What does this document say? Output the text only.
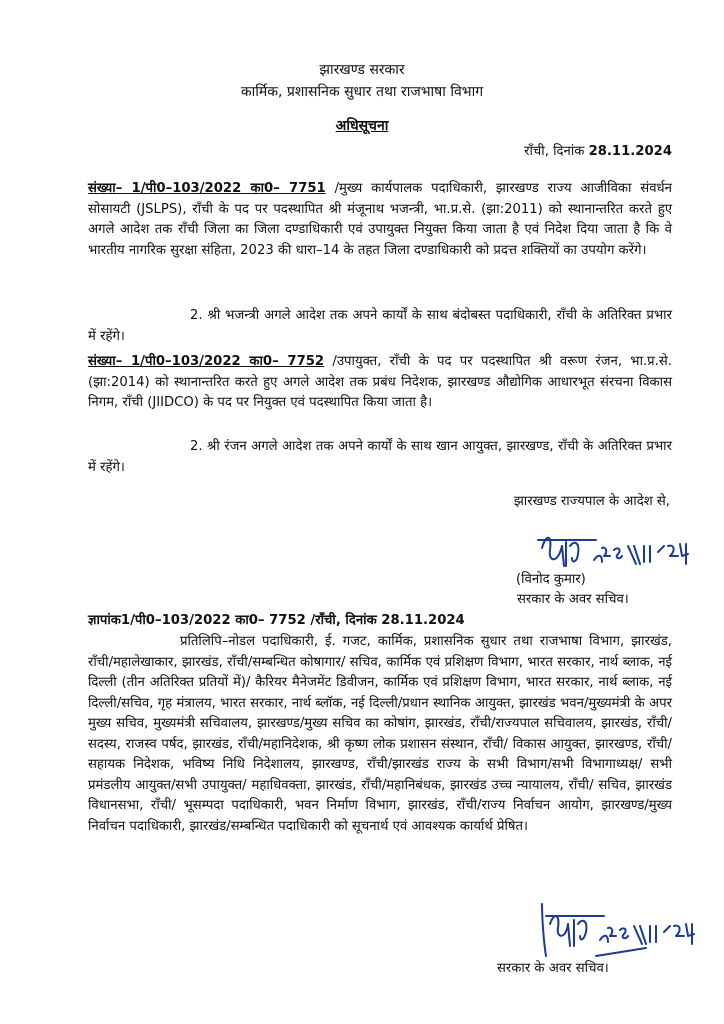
झारखण्ड सरकार
कार्मिक, प्रशासनिक सुधार तथा राजभाषा विभाग
अधिसूचना
राँची, दिनांक 28.11.2024
संख्या– 1/पी0–103/2022 का0– 7751 /मुख्य कार्यपालक पदाधिकारी, झारखण्ड राज्य आजीविका संवर्धन सोसायटी (JSLPS), राँची के पद पर पदस्थापित श्री मंजूनाथ भजन्त्री, भा.प्र.से. (झा:2011) को स्थानान्तरित करते हुए अगले आदेश तक राँची जिला का जिला दण्डाधिकारी एवं उपायुक्त नियुक्त किया जाता है एवं निदेश दिया जाता है कि वे भारतीय नागरिक सुरक्षा संहिता, 2023 की धारा–14 के तहत जिला दण्डाधिकारी को प्रदत्त शक्तियों का उपयोग करेंगे।
2. श्री भजन्त्री अगले आदेश तक अपने कार्यों के साथ बंदोबस्त पदाधिकारी, राँची के अतिरिक्त प्रभार में रहेंगे।
संख्या– 1/पी0–103/2022 का0– 7752 /उपायुक्त, राँची के पद पर पदस्थापित श्री वरूण रंजन, भा.प्र.से. (झा:2014) को स्थानान्तरित करते हुए अगले आदेश तक प्रबंध निदेशक, झारखण्ड औद्योगिक आधारभूत संरचना विकास निगम, राँची (JIIDCO) के पद पर नियुक्त एवं पदस्थापित किया जाता है।
2. श्री रंजन अगले आदेश तक अपने कार्यों के साथ खान आयुक्त, झारखण्ड, राँची के अतिरिक्त प्रभार में रहेंगे।
झारखण्ड राज्यपाल के आदेश से,
(विनोद कुमार)
सरकार के अवर सचिव।
ज्ञापांक1/पी0–103/2022 का0– 7752 /राँची, दिनांक 28.11.2024
प्रतिलिपि–नोडल पदाधिकारी, ई. गजट, कार्मिक, प्रशासनिक सुधार तथा राजभाषा विभाग, झारखंड, राँची/महालेखाकार, झारखंड, राँची/सम्बन्धित कोषागार/ सचिव, कार्मिक एवं प्रशिक्षण विभाग, भारत सरकार, नार्थ ब्लाक, नई दिल्ली (तीन अतिरिक्त प्रतियों में)/ कैरियर मैनेजमेंट डिवीजन, कार्मिक एवं प्रशिक्षण विभाग, भारत सरकार, नार्थ ब्लाक, नई दिल्ली/सचिव, गृह मंत्रालय, भारत सरकार, नार्थ ब्लॉक, नई दिल्ली/प्रधान स्थानिक आयुक्त, झारखंड भवन/मुख्यमंत्री के अपर मुख्य सचिव, मुख्यमंत्री सचिवालय, झारखण्ड/मुख्य सचिव का कोषांग, झारखंड, राँची/राज्यपाल सचिवालय, झारखंड, राँची/सदस्य, राजस्व पर्षद, झारखंड, राँची/महानिदेशक, श्री कृष्ण लोक प्रशासन संस्थान, राँची/ विकास आयुक्त, झारखण्ड, राँची/सहायक निदेशक, भविष्य निधि निदेशालय, झारखण्ड, राँची/झारखंड राज्य के सभी विभाग/सभी विभागाध्यक्ष/ सभी प्रमंडलीय आयुक्त/सभी उपायुक्त/ महाधिवक्ता, झारखंड, राँची/महानिबंधक, झारखंड उच्च न्यायालय, राँची/ सचिव, झारखंड विधानसभा, राँची/ भूसम्पदा पदाधिकारी, भवन निर्माण विभाग, झारखंड, राँची/राज्य निर्वाचन आयोग, झारखण्ड/मुख्य निर्वाचन पदाधिकारी, झारखंड/सम्बन्धित पदाधिकारी को सूचनार्थ एवं आवश्यक कार्यार्थ प्रेषित।
सरकार के अवर सचिव।
